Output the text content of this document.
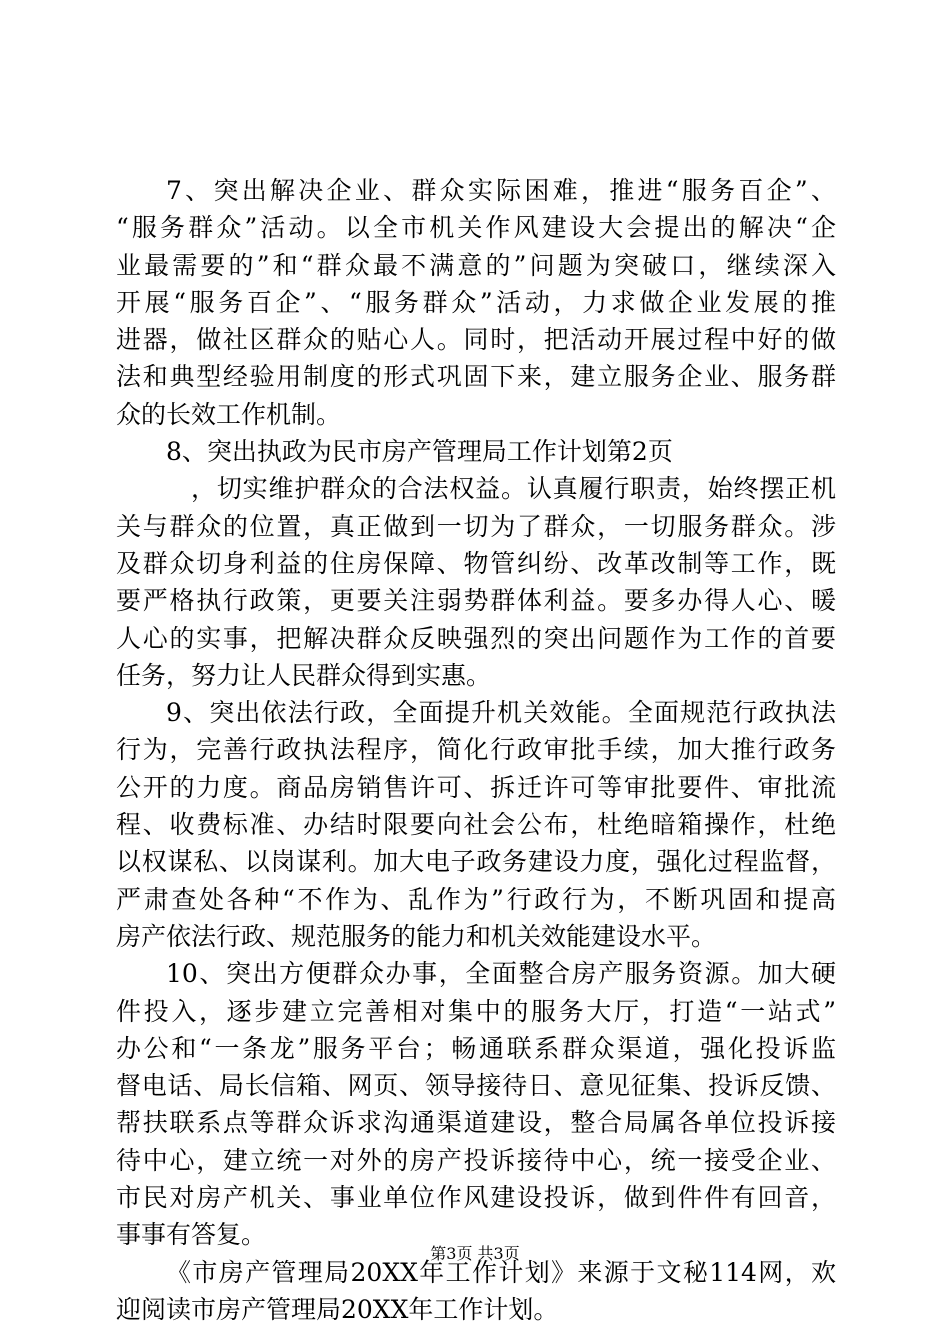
7、突出解决企业、群众实际困难，推进“服务百企”、
“服务群众”活动。以全市机关作风建设大会提出的解决“企
业最需要的”和“群众最不满意的”问题为突破口，继续深入
开展“服务百企”、“服务群众”活动，力求做企业发展的推
进器，做社区群众的贴心人。同时，把活动开展过程中好的做
法和典型经验用制度的形式巩固下来，建立服务企业、服务群
众的长效工作机制。
8、突出执政为民市房产管理局工作计划第2页
，切实维护群众的合法权益。认真履行职责，始终摆正机
关与群众的位置，真正做到一切为了群众，一切服务群众。涉
及群众切身利益的住房保障、物管纠纷、改革改制等工作，既
要严格执行政策，更要关注弱势群体利益。要多办得人心、暖
人心的实事，把解决群众反映强烈的突出问题作为工作的首要
任务，努力让人民群众得到实惠。
9、突出依法行政，全面提升机关效能。全面规范行政执法
行为，完善行政执法程序，简化行政审批手续，加大推行政务
公开的力度。商品房销售许可、拆迁许可等审批要件、审批流
程、收费标准、办结时限要向社会公布，杜绝暗箱操作，杜绝
以权谋私、以岗谋利。加大电子政务建设力度，强化过程监督，
严肃查处各种“不作为、乱作为”行政行为，不断巩固和提高
房产依法行政、规范服务的能力和机关效能建设水平。
10、突出方便群众办事，全面整合房产服务资源。加大硬
件投入，逐步建立完善相对集中的服务大厅，打造“一站式”
办公和“一条龙”服务平台；畅通联系群众渠道，强化投诉监
督电话、局长信箱、网页、领导接待日、意见征集、投诉反馈、
帮扶联系点等群众诉求沟通渠道建设，整合局属各单位投诉接
待中心，建立统一对外的房产投诉接待中心，统一接受企业、
市民对房产机关、事业单位作风建设投诉，做到件件有回音，
事事有答复。
《市房产管理局20XX年工作计划》来源于文秘114网，欢
迎阅读市房产管理局20XX年工作计划。
第3页 共3页
